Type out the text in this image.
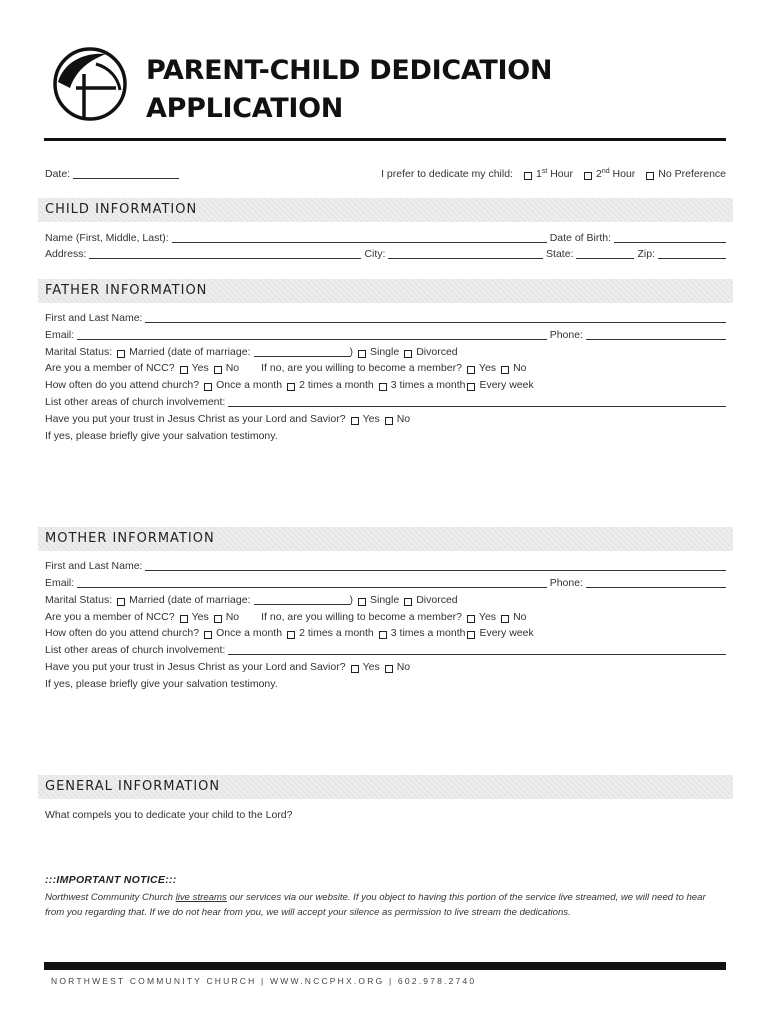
PARENT-CHILD DEDICATION
APPLICATION
Date:	I prefer to dedicate my child: 1st Hour 2nd Hour No Preference
CHILD INFORMATION
Name (First, Middle, Last):	Date of Birth:
Address:	City:	State:	Zip:
FATHER INFORMATION
First and Last Name:
Email:	Phone:
Marital Status: Married (date of marriage:	) Single Divorced
Are you a member of NCC? Yes No If no, are you willing to become a member? Yes No
How often do you attend church? Once a month 2 times a month 3 times a month Every week
List other areas of church involvement:
Have you put your trust in Jesus Christ as your Lord and Savior? Yes No
If yes, please briefly give your salvation testimony.
MOTHER INFORMATION
First and Last Name:
Email:	Phone:
Marital Status: Married (date of marriage:	) Single Divorced
Are you a member of NCC? Yes No If no, are you willing to become a member? Yes No
How often do you attend church? Once a month 2 times a month 3 times a month Every week
List other areas of church involvement:
Have you put your trust in Jesus Christ as your Lord and Savior? Yes No
If yes, please briefly give your salvation testimony.
GENERAL INFORMATION
What compels you to dedicate your child to the Lord?
:::IMPORTANT NOTICE:::
Northwest Community Church live streams our services via our website. If you object to having this portion of the service live streamed, we will need to hear from you regarding that. If we do not hear from you, we will accept your silence as permission to live stream the dedications.
NORTHWEST COMMUNITY CHURCH | WWW.NCCPHX.ORG | 602.978.2740
